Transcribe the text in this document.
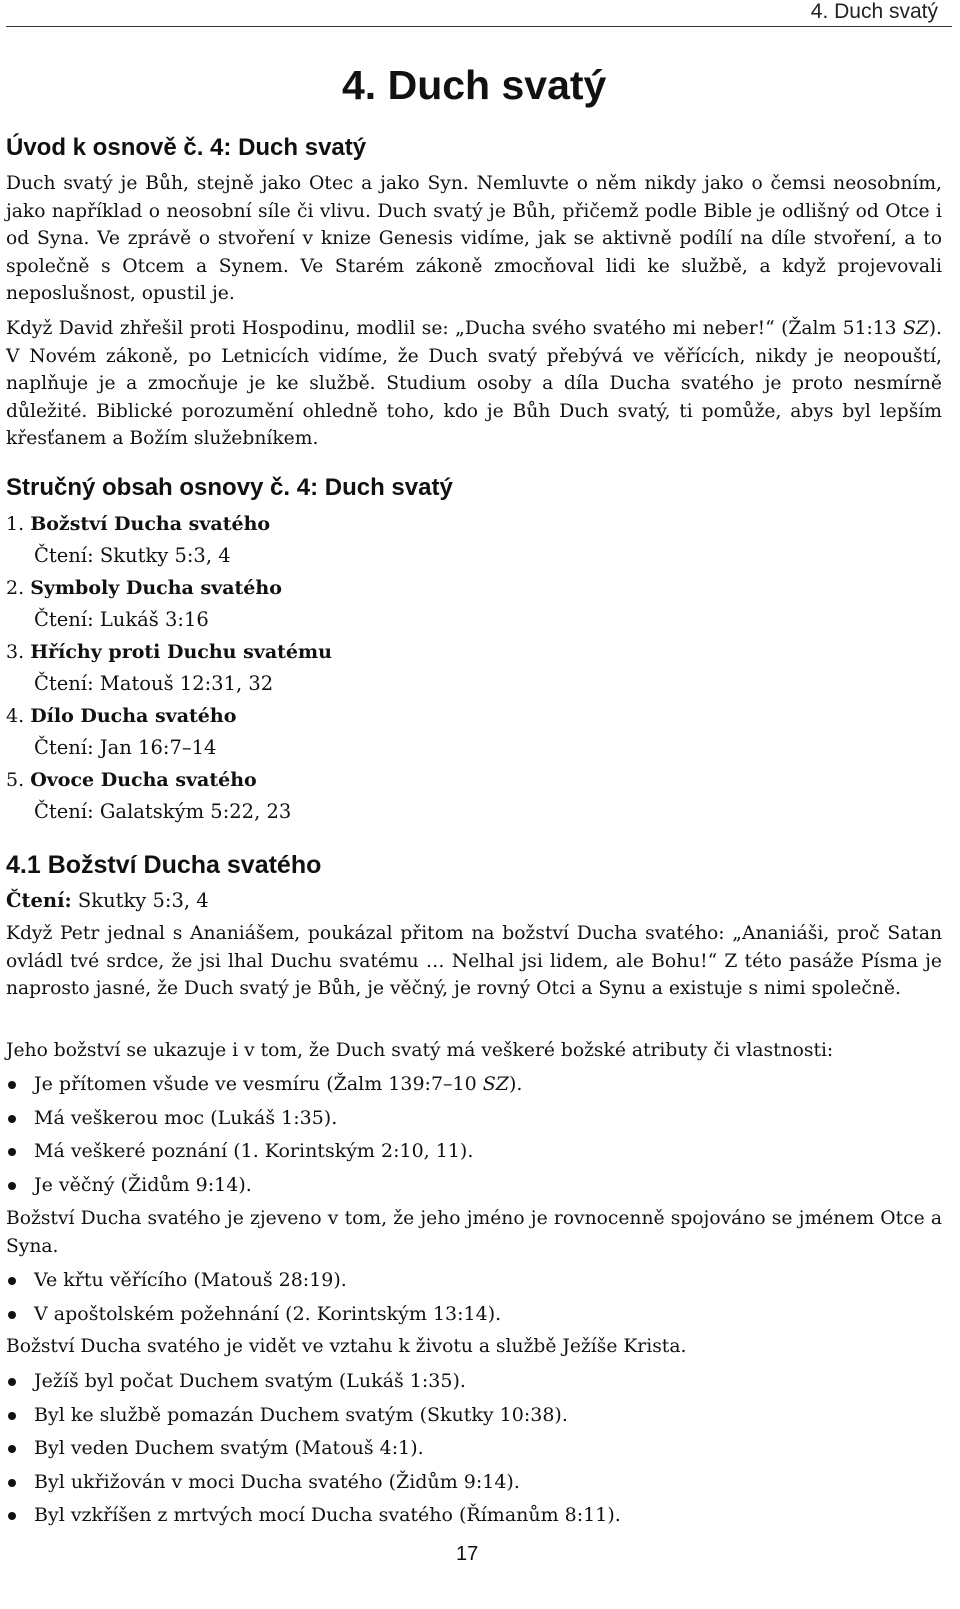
4. Duch svatý
4. Duch svatý
Úvod k osnově č. 4: Duch svatý
Duch svatý je Bůh, stejně jako Otec a jako Syn. Nemluvte o něm nikdy jako o čemsi neosobním, jako například o neosobní síle či vlivu. Duch svatý je Bůh, přičemž podle Bible je odlišný od Otce i od Syna. Ve zprávě o stvoření v knize Genesis vidíme, jak se aktivně podílí na díle stvoření, a to společně s Otcem a Synem. Ve Starém zákoně zmocňoval lidi ke službě, a když projevovali neposlušnost, opustil je.
Když David zhřešil proti Hospodinu, modlil se: „Ducha svého svatého mi neber!“ (Žalm 51:13 SZ). V Novém zákoně, po Letnicích vidíme, že Duch svatý přebývá ve věřících, nikdy je neopouští, naplňuje je a zmocňuje je ke službě. Studium osoby a díla Ducha svatého je proto nesmírně důležité. Biblické porozumění ohledně toho, kdo je Bůh Duch svatý, ti pomůže, abys byl lepším křesťanem a Božím služebníkem.
Stručný obsah osnovy č. 4: Duch svatý
1. Božství Ducha svatého
Čtení: Skutky 5:3, 4
2. Symboly Ducha svatého
Čtení: Lukáš 3:16
3. Hříchy proti Duchu svatému
Čtení: Matouš 12:31, 32
4. Dílo Ducha svatého
Čtení: Jan 16:7–14
5. Ovoce Ducha svatého
Čtení: Galatským 5:22, 23
4.1 Božství Ducha svatého
Čtení: Skutky 5:3, 4
Když Petr jednal s Ananiášem, poukázal přitom na božství Ducha svatého: „Ananiáši, proč Satan ovládl tvé srdce, že jsi lhal Duchu svatému … Nelhal jsi lidem, ale Bohu!“ Z této pasáže Písma je naprosto jasné, že Duch svatý je Bůh, je věčný, je rovný Otci a Synu a existuje s nimi společně.
Jeho božství se ukazuje i v tom, že Duch svatý má veškeré božské atributy či vlastnosti:
Je přítomen všude ve vesmíru (Žalm 139:7–10 SZ).
Má veškerou moc (Lukáš 1:35).
Má veškeré poznání (1. Korintským 2:10, 11).
Je věčný (Židům 9:14).
Božství Ducha svatého je zjeveno v tom, že jeho jméno je rovnocenně spojováno se jménem Otce a Syna.
Ve křtu věřícího (Matouš 28:19).
V apoštolském požehnání (2. Korintským 13:14).
Božství Ducha svatého je vidět ve vztahu k životu a službě Ježíše Krista.
Ježíš byl počat Duchem svatým (Lukáš 1:35).
Byl ke službě pomazán Duchem svatým (Skutky 10:38).
Byl veden Duchem svatým (Matouš 4:1).
Byl ukřižován v moci Ducha svatého (Židům 9:14).
Byl vzkříšen z mrtvých mocí Ducha svatého (Římanům 8:11).
17
